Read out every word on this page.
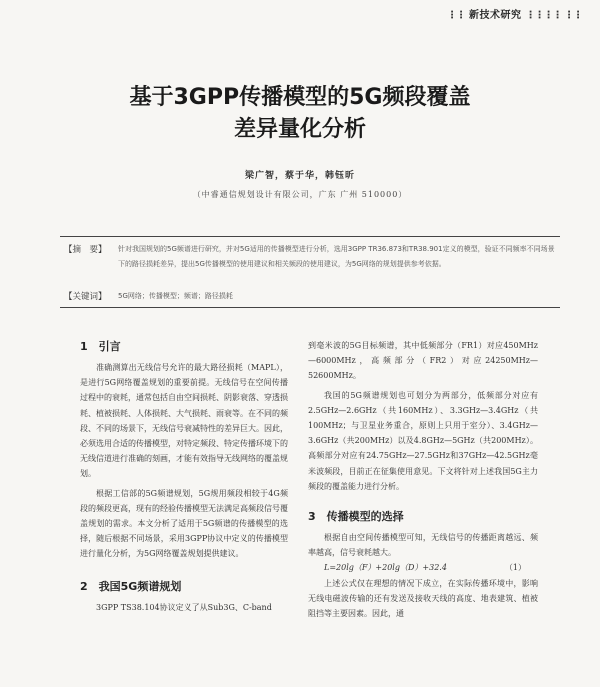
⋮⋮ 新技术研究 ⋮⋮⋮⋮ ⋮⋮
基于3GPP传播模型的5G频段覆盖
差异量化分析
梁广智，蔡于华，韩钰昕
（中睿通信规划设计有限公司，广东 广州 510000）
【摘　要】 针对我国规划的5G频谱进行研究，并对5G适用的传播模型进行分析，选用3GPP TR36.873和TR38.901定义的模型，验证不同频率不同场景下的路径损耗差异，提出5G传播模型的使用建议和相关频段的使用建议，为5G网络的规划提供参考依据。
【关键词】 5G网络；传播模型；频谱；路径损耗
1　引言

准确测算出无线信号允许的最大路径损耗（MAPL），是进行5G网络覆盖规划的重要前提。无线信号在空间传播过程中的衰耗，通常包括自由空间损耗、阴影衰落、穿透损耗、植被损耗、人体损耗、大气损耗、雨衰等。在不同的频段、不同的场景下，无线信号衰减特性的差异巨大。因此，必须选用合适的传播模型，对特定频段、特定传播环境下的无线信道进行准确的刻画，才能有效指导无线网络的覆盖规划。

根据工信部的5G频谱规划，5G规用频段相较于4G频段的频段更高，现有的经验传播模型无法满足高频段信号覆盖规划的需求。本文分析了适用于5G频谱的传播模型的选择，随后根据不同场景，采用3GPP协议中定义的传播模型进行量化分析，为5G网络覆盖规划提供建议。

2　我国5G频谱规划

3GPP TS38.104协议定义了从Sub3G、C-band

到毫米波的5G目标频谱，其中低频部分（FR1）对应450MHz—6000MHz，高频部分（FR2）对应24250MHz—52600MHz。

我国的5G频谱规划也可划分为两部分，低频部分对应有2.5GHz—2.6GHz（共160MHz）、3.3GHz—3.4GHz（共100MHz；与卫星业务重合，原则上只用于室分）、3.4GHz—3.6GHz（共200MHz）以及4.8GHz—5GHz（共200MHz）。高频部分对应有24.75GHz—27.5GHz和37GHz—42.5GHz毫米波频段，目前正在征集使用意见。下文将针对上述我国5G主力频段的覆盖能力进行分析。

3　传播模型的选择

根据自由空间传播模型可知，无线信号的传播距离越远、频率越高，信号衰耗越大。

L=20lg（F）+20lg（D）+32.4	（1）

上述公式仅在理想的情况下成立，在实际传播环境中，影响无线电磁波传输的还有发送及接收天线的高度、地表建筑、植被阻挡等主要因素。因此，通
